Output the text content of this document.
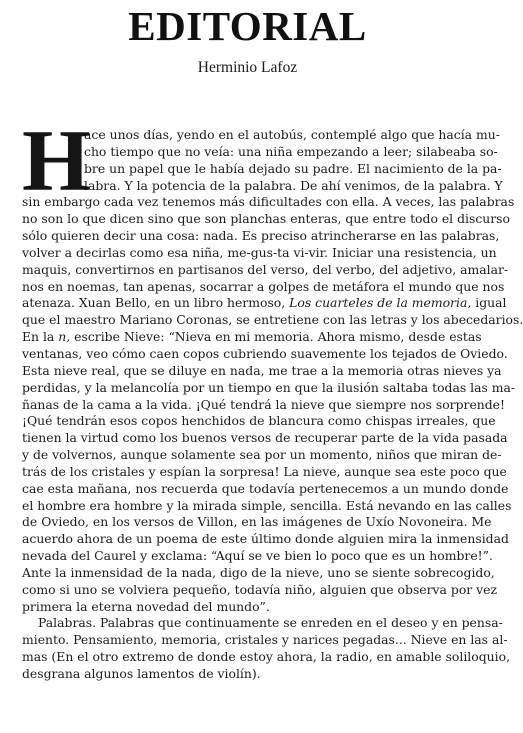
EDITORIAL
Herminio Lafoz
H
ace unos días, yendo en el autobús, contemplé algo que hacía mu-
cho tiempo que no veía: una niña empezando a leer; silabeaba so-
bre un papel que le había dejado su padre. El nacimiento de la pa-
labra. Y la potencia de la palabra. De ahí venimos, de la palabra. Y
sin embargo cada vez tenemos más dificultades con ella. A veces, las palabras
no son lo que dicen sino que son planchas enteras, que entre todo el discurso
sólo quieren decir una cosa: nada. Es preciso atrincherarse en las palabras,
volver a decirlas como esa niña, me-gus-ta vi-vir. Iniciar una resistencia, un
maquis, convertirnos en partisanos del verso, del verbo, del adjetivo, amalar-
nos en noemas, tan apenas, socarrar a golpes de metáfora el mundo que nos
atenaza. Xuan Bello, en un libro hermoso, Los cuarteles de la memoria, igual
que el maestro Mariano Coronas, se entretiene con las letras y los abecedarios.
En la n, escribe Nieve: “Nieva en mi memoria. Ahora mismo, desde estas
ventanas, veo cómo caen copos cubriendo suavemente los tejados de Oviedo.
Esta nieve real, que se diluye en nada, me trae a la memoria otras nieves ya
perdidas, y la melancolía por un tiempo en que la ilusión saltaba todas las ma-
ñanas de la cama a la vida. ¡Qué tendrá la nieve que siempre nos sorprende!
¡Qué tendrán esos copos henchidos de blancura como chispas irreales, que
tienen la virtud como los buenos versos de recuperar parte de la vida pasada
y de volvernos, aunque solamente sea por un momento, niños que miran de-
trás de los cristales y espían la sorpresa! La nieve, aunque sea este poco que
cae esta mañana, nos recuerda que todavía pertenecemos a un mundo donde
el hombre era hombre y la mirada simple, sencilla. Está nevando en las calles
de Oviedo, en los versos de Villon, en las imágenes de Uxío Novoneira. Me
acuerdo ahora de un poema de este último donde alguien mira la inmensidad
nevada del Caurel y exclama: “Aquí se ve bien lo poco que es un hombre!”.
Ante la inmensidad de la nada, digo de la nieve, uno se siente sobrecogido,
como si uno se volviera pequeño, todavía niño, alguien que observa por vez
primera la eterna novedad del mundo”.
Palabras. Palabras que continuamente se enreden en el deseo y en pensa-
miento. Pensamiento, memoria, cristales y narices pegadas... Nieve en las al-
mas (En el otro extremo de donde estoy ahora, la radio, en amable soliloquio,
desgrana algunos lamentos de violín).
